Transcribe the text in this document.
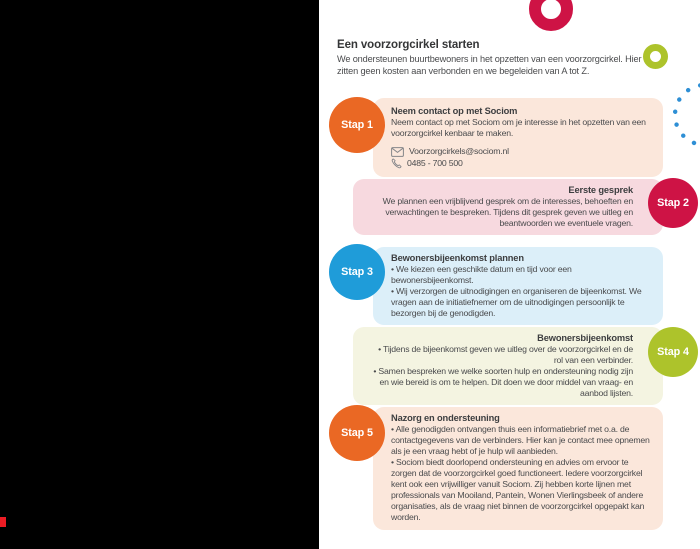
Een voorzorgcirkel starten

We ondersteunen buurtbewoners in het opzetten van een voorzorgcirkel. Hier zitten geen kosten aan verbonden en we begeleiden van A tot Z.

Neem contact op met Sociom

Neem contact op met Sociom om je interesse in het opzetten van een voorzorgcirkel kenbaar te maken.

Voorzorgcirkels@sociom.nl
0485 - 700 500
Stap 1
Eerste gesprek

We plannen een vrijblijvend gesprek om de interesses, behoeften en verwachtingen te bespreken. Tijdens dit gesprek geven we uitleg en beantwoorden we eventuele vragen.

Stap 2
Bewonersbijeenkomst plannen

• We kiezen een geschikte datum en tijd voor een bewonersbijeenkomst.

• Wij verzorgen de uitnodigingen en organiseren de bijeenkomst. We vragen aan de initiatiefnemer om de uitnodigingen persoonlijk te bezorgen bij de genodigden.

Stap 3
Bewonersbijeenkomst

• Tijdens de bijeenkomst geven we uitleg over de voorzorgcirkel en de rol van een verbinder.

• Samen bespreken we welke soorten hulp en ondersteuning nodig zijn en wie bereid is om te helpen. Dit doen we door middel van vraag- en aanbod lijsten.

Stap 4
Nazorg en ondersteuning

• Alle genodigden ontvangen thuis een informatiebrief met o.a. de contactgegevens van de verbinders. Hier kan je contact mee opnemen als je een vraag hebt of je hulp wil aanbieden.

• Sociom biedt doorlopend ondersteuning en advies om ervoor te zorgen dat de voorzorgcirkel goed functioneert. Iedere voorzorgcirkel kent ook een vrijwilliger vanuit Sociom. Zij hebben korte lijnen met professionals van Mooiland, Pantein, Wonen Vierlingsbeek of andere organisaties, als de vraag niet binnen de voorzorgcirkel opgepakt kan worden.

Stap 5
